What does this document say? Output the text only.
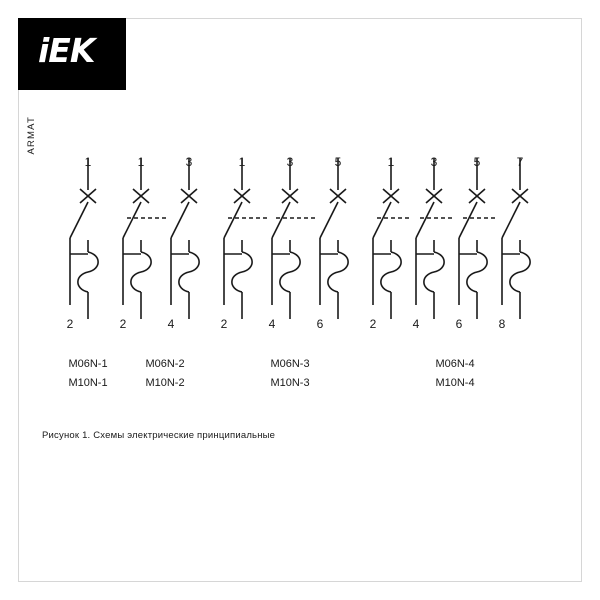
iEK
ARMAT
1
2
M06N-1
M10N-1
1
2
3
4
M06N-2
M10N-2
1
2
3
4
5
6
M06N-3
M10N-3
1
2
3
4
5
6
7
8
M06N-4
M10N-4
Рисунок 1. Схемы электрические принципиальные
